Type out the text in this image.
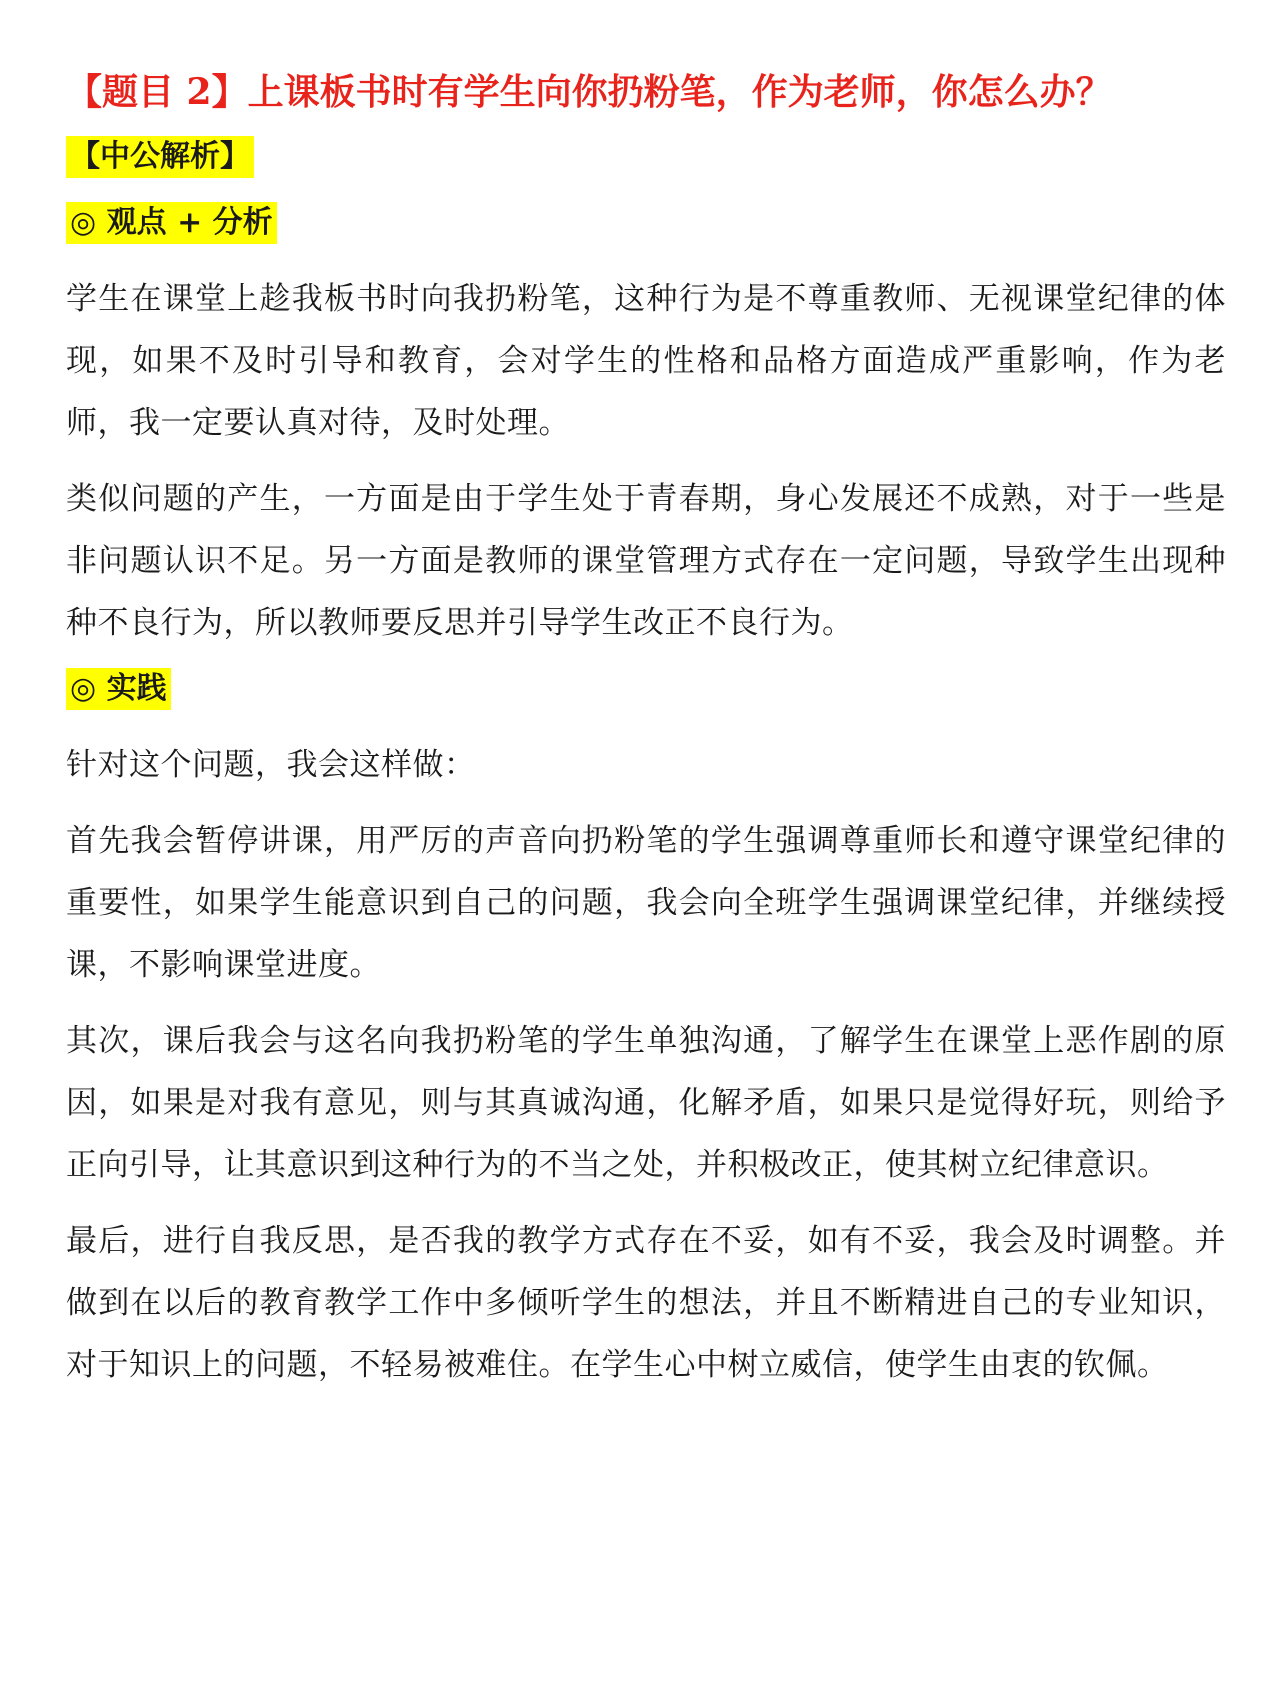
【题目 2】上课板书时有学生向你扔粉笔，作为老师，你怎么办？
【中公解析】
◎ 观点 + 分析

学生在课堂上趁我板书时向我扔粉笔，这种行为是不尊重教师、无视课堂纪律的体现，如果不及时引导和教育，会对学生的性格和品格方面造成严重影响，作为老师，我一定要认真对待，及时处理。

类似问题的产生，一方面是由于学生处于青春期，身心发展还不成熟，对于一些是非问题认识不足。另一方面是教师的课堂管理方式存在一定问题，导致学生出现种种不良行为，所以教师要反思并引导学生改正不良行为。

◎ 实践

针对这个问题，我会这样做：

首先我会暂停讲课，用严厉的声音向扔粉笔的学生强调尊重师长和遵守课堂纪律的重要性，如果学生能意识到自己的问题，我会向全班学生强调课堂纪律，并继续授课，不影响课堂进度。

其次，课后我会与这名向我扔粉笔的学生单独沟通，了解学生在课堂上恶作剧的原因，如果是对我有意见，则与其真诚沟通，化解矛盾，如果只是觉得好玩，则给予正向引导，让其意识到这种行为的不当之处，并积极改正，使其树立纪律意识。

最后，进行自我反思，是否我的教学方式存在不妥，如有不妥，我会及时调整。并做到在以后的教育教学工作中多倾听学生的想法，并且不断精进自己的专业知识，对于知识上的问题，不轻易被难住。在学生心中树立威信，使学生由衷的钦佩。
